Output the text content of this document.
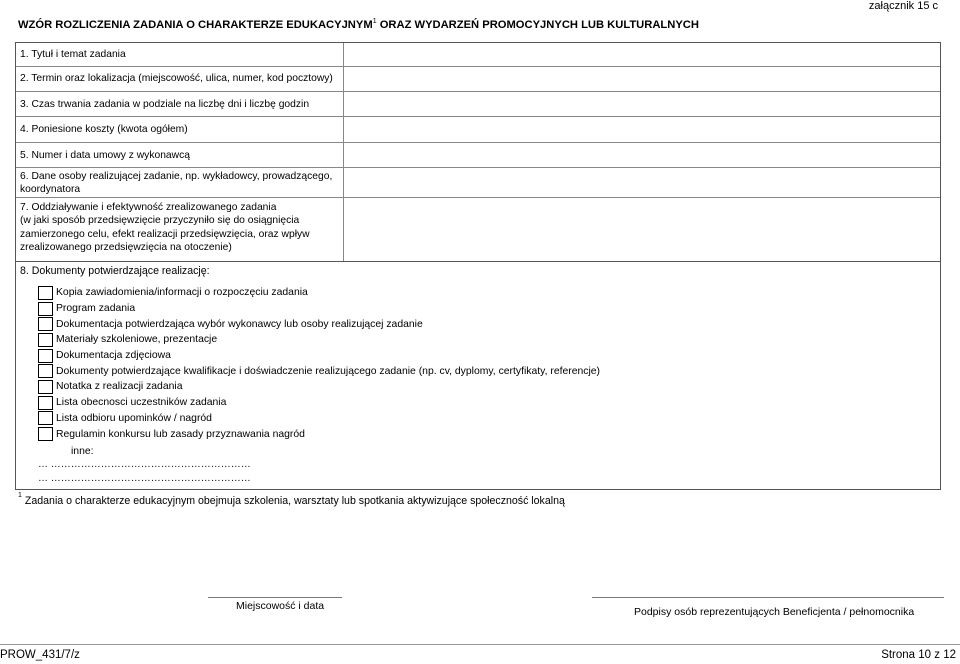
załącznik 15 c
WZÓR ROZLICZENIA ZADANIA O CHARAKTERZE EDUKACYJNYM$^1$ ORAZ WYDARZEŃ PROMOCYJNYCH LUB KULTURALNYCH
1. Tytuł i temat zadania
2. Termin oraz lokalizacja (miejscowość, ulica, numer, kod pocztowy)
3. Czas trwania zadania w podziale na liczbę dni i liczbę godzin
4. Poniesione koszty (kwota ogółem)
5. Numer i data umowy z wykonawcą
6. Dane osoby realizującej zadanie, np. wykładowcy, prowadzącego, koordynatora
7. Oddziaływanie i efektywność zrealizowanego zadania
(w jaki sposób przedsięwzięcie przyczyniło się do osiągnięcia zamierzonego celu, efekt realizacji przedsięwzięcia, oraz wpływ zrealizowanego przedsięwzięcia na otoczenie)
8. Dokumenty potwierdzające realizację:
Kopia zawiadomienia/informacji o rozpoczęciu zadania
Program zadania
Dokumentacja potwierdzająca wybór wykonawcy lub osoby realizującej zadanie
Materiały szkoleniowe, prezentacje
Dokumentacja zdjęciowa
Dokumenty potwierdzające kwalifikacje i doświadczenie realizującego zadanie (np. cv, dyplomy, certyfikaty, referencje)
Notatka z realizacji zadania
Lista obecnosci uczestników zadania
Lista odbioru upominków / nagród
Regulamin konkursu lub zasady przyznawania nagród
inne:
… ……………………………………………………
… ……………………………………………………
$^1$ Zadania o charakterze edukacyjnym obejmuja szkolenia, warsztaty lub spotkania aktywizujące społeczność lokalną
Miejscowość i data	Podpisy osób reprezentujących Beneficjenta / pełnomocnika
PROW_431/7/z	Strona 10 z 12
